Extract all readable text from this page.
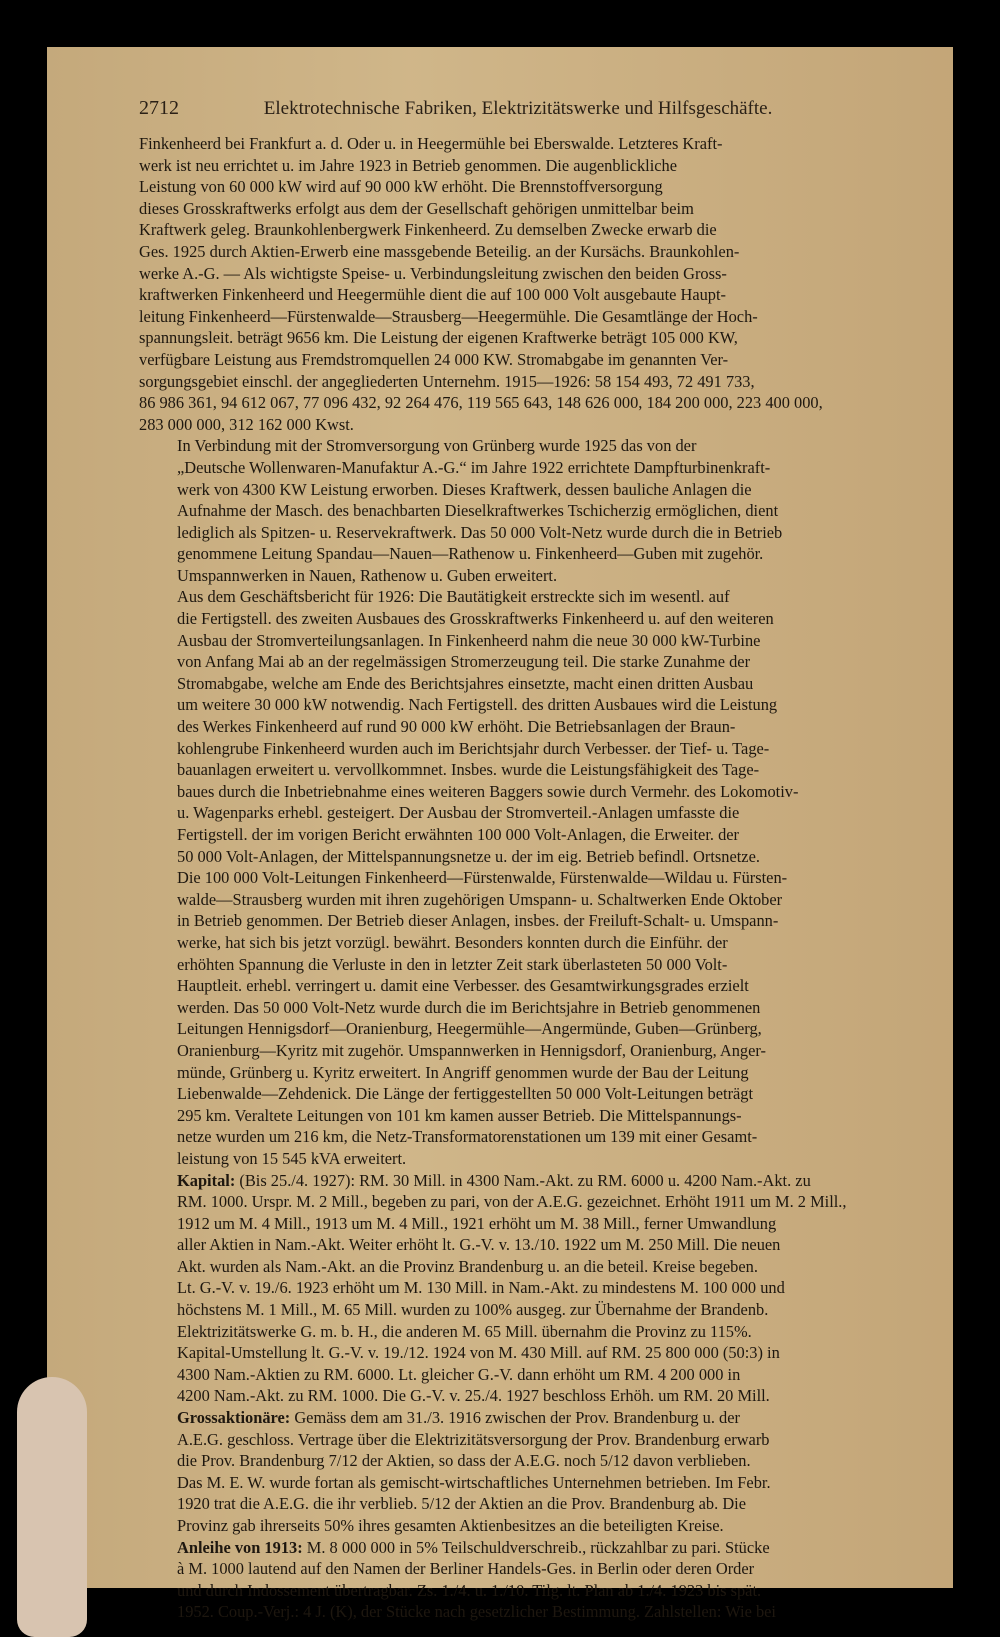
2712	Elektrotechnische Fabriken, Elektrizitätswerke und Hilfsgeschäfte.

Finkenheerd bei Frankfurt a. d. Oder u. in Heegermühle bei Eberswalde. Letzteres Kraft-
werk ist neu errichtet u. im Jahre 1923 in Betrieb genommen. Die augenblickliche
Leistung von 60 000 kW wird auf 90 000 kW erhöht. Die Brennstoffversorgung
dieses Grosskraftwerks erfolgt aus dem der Gesellschaft gehörigen unmittelbar beim
Kraftwerk geleg. Braunkohlenbergwerk Finkenheerd. Zu demselben Zwecke erwarb die
Ges. 1925 durch Aktien-Erwerb eine massgebende Beteilig. an der Kursächs. Braunkohlen-
werke A.-G. — Als wichtigste Speise- u. Verbindungsleitung zwischen den beiden Gross-
kraftwerken Finkenheerd und Heegermühle dient die auf 100 000 Volt ausgebaute Haupt-
leitung Finkenheerd—Fürstenwalde—Strausberg—Heegermühle. Die Gesamtlänge der Hoch-
spannungsleit. beträgt 9656 km. Die Leistung der eigenen Kraftwerke beträgt 105 000 KW,
verfügbare Leistung aus Fremdstromquellen 24 000 KW. Stromabgabe im genannten Ver-
sorgungsgebiet einschl. der angegliederten Unternehm. 1915—1926: 58 154 493, 72 491 733,
86 986 361, 94 612 067, 77 096 432, 92 264 476, 119 565 643, 148 626 000, 184 200 000, 223 400 000,
283 000 000, 312 162 000 Kwst.

In Verbindung mit der Stromversorgung von Grünberg wurde 1925 das von der
„Deutsche Wollenwaren-Manufaktur A.-G.“ im Jahre 1922 errichtete Dampfturbinenkraft-
werk von 4300 KW Leistung erworben. Dieses Kraftwerk, dessen bauliche Anlagen die
Aufnahme der Masch. des benachbarten Dieselkraftwerkes Tschicherzig ermöglichen, dient
lediglich als Spitzen- u. Reservekraftwerk. Das 50 000 Volt-Netz wurde durch die in Betrieb
genommene Leitung Spandau—Nauen—Rathenow u. Finkenheerd—Guben mit zugehör.
Umspannwerken in Nauen, Rathenow u. Guben erweitert.

Aus dem Geschäftsbericht für 1926: Die Bautätigkeit erstreckte sich im wesentl. auf
die Fertigstell. des zweiten Ausbaues des Grosskraftwerks Finkenheerd u. auf den weiteren
Ausbau der Stromverteilungsanlagen. In Finkenheerd nahm die neue 30 000 kW-Turbine
von Anfang Mai ab an der regelmässigen Stromerzeugung teil. Die starke Zunahme der
Stromabgabe, welche am Ende des Berichtsjahres einsetzte, macht einen dritten Ausbau
um weitere 30 000 kW notwendig. Nach Fertigstell. des dritten Ausbaues wird die Leistung
des Werkes Finkenheerd auf rund 90 000 kW erhöht. Die Betriebsanlagen der Braun-
kohlengrube Finkenheerd wurden auch im Berichtsjahr durch Verbesser. der Tief- u. Tage-
bauanlagen erweitert u. vervollkommnet. Insbes. wurde die Leistungsfähigkeit des Tage-
baues durch die Inbetriebnahme eines weiteren Baggers sowie durch Vermehr. des Lokomotiv-
u. Wagenparks erhebl. gesteigert. Der Ausbau der Stromverteil.-Anlagen umfasste die
Fertigstell. der im vorigen Bericht erwähnten 100 000 Volt-Anlagen, die Erweiter. der
50 000 Volt-Anlagen, der Mittelspannungsnetze u. der im eig. Betrieb befindl. Ortsnetze.
Die 100 000 Volt-Leitungen Finkenheerd—Fürstenwalde, Fürstenwalde—Wildau u. Fürsten-
walde—Strausberg wurden mit ihren zugehörigen Umspann- u. Schaltwerken Ende Oktober
in Betrieb genommen. Der Betrieb dieser Anlagen, insbes. der Freiluft-Schalt- u. Umspann-
werke, hat sich bis jetzt vorzügl. bewährt. Besonders konnten durch die Einführ. der
erhöhten Spannung die Verluste in den in letzter Zeit stark überlasteten 50 000 Volt-
Hauptleit. erhebl. verringert u. damit eine Verbesser. des Gesamtwirkungsgrades erzielt
werden. Das 50 000 Volt-Netz wurde durch die im Berichtsjahre in Betrieb genommenen
Leitungen Hennigsdorf—Oranienburg, Heegermühle—Angermünde, Guben—Grünberg,
Oranienburg—Kyritz mit zugehör. Umspannwerken in Hennigsdorf, Oranienburg, Anger-
münde, Grünberg u. Kyritz erweitert. In Angriff genommen wurde der Bau der Leitung
Liebenwalde—Zehdenick. Die Länge der fertiggestellten 50 000 Volt-Leitungen beträgt
295 km. Veraltete Leitungen von 101 km kamen ausser Betrieb. Die Mittelspannungs-
netze wurden um 216 km, die Netz-Transformatorenstationen um 139 mit einer Gesamt-
leistung von 15 545 kVA erweitert.

Kapital: (Bis 25./4. 1927): RM. 30 Mill. in 4300 Nam.-Akt. zu RM. 6000 u. 4200 Nam.-Akt. zu
RM. 1000. Urspr. M. 2 Mill., begeben zu pari, von der A.E.G. gezeichnet. Erhöht 1911 um M. 2 Mill.,
1912 um M. 4 Mill., 1913 um M. 4 Mill., 1921 erhöht um M. 38 Mill., ferner Umwandlung
aller Aktien in Nam.-Akt. Weiter erhöht lt. G.-V. v. 13./10. 1922 um M. 250 Mill. Die neuen
Akt. wurden als Nam.-Akt. an die Provinz Brandenburg u. an die beteil. Kreise begeben.
Lt. G.-V. v. 19./6. 1923 erhöht um M. 130 Mill. in Nam.-Akt. zu mindestens M. 100 000 und
höchstens M. 1 Mill., M. 65 Mill. wurden zu 100% ausgeg. zur Übernahme der Brandenb.
Elektrizitätswerke G. m. b. H., die anderen M. 65 Mill. übernahm die Provinz zu 115%.
Kapital-Umstellung lt. G.-V. v. 19./12. 1924 von M. 430 Mill. auf RM. 25 800 000 (50:3) in
4300 Nam.-Aktien zu RM. 6000. Lt. gleicher G.-V. dann erhöht um RM. 4 200 000 in
4200 Nam.-Akt. zu RM. 1000. Die G.-V. v. 25./4. 1927 beschloss Erhöh. um RM. 20 Mill.

Grossaktionäre: Gemäss dem am 31./3. 1916 zwischen der Prov. Brandenburg u. der
A.E.G. geschloss. Vertrage über die Elektrizitätsversorgung der Prov. Brandenburg erwarb
die Prov. Brandenburg 7/12 der Aktien, so dass der A.E.G. noch 5/12 davon verblieben.
Das M. E. W. wurde fortan als gemischt-wirtschaftliches Unternehmen betrieben. Im Febr.
1920 trat die A.E.G. die ihr verblieb. 5/12 der Aktien an die Prov. Brandenburg ab. Die
Provinz gab ihrerseits 50% ihres gesamten Aktienbesitzes an die beteiligten Kreise.

Anleihe von 1913: M. 8 000 000 in 5% Teilschuldverschreib., rückzahlbar zu pari. Stücke
à M. 1000 lautend auf den Namen der Berliner Handels-Ges. in Berlin oder deren Order
und durch Indossement übertragbar. Zs. 1./4. u. 1./10. Tilg. lt. Plan ab 1./4. 1923 bis spät.
1952. Coup.-Verj.: 4 J. (K), der Stücke nach gesetzlicher Bestimmung. Zahlstellen: Wie bei
